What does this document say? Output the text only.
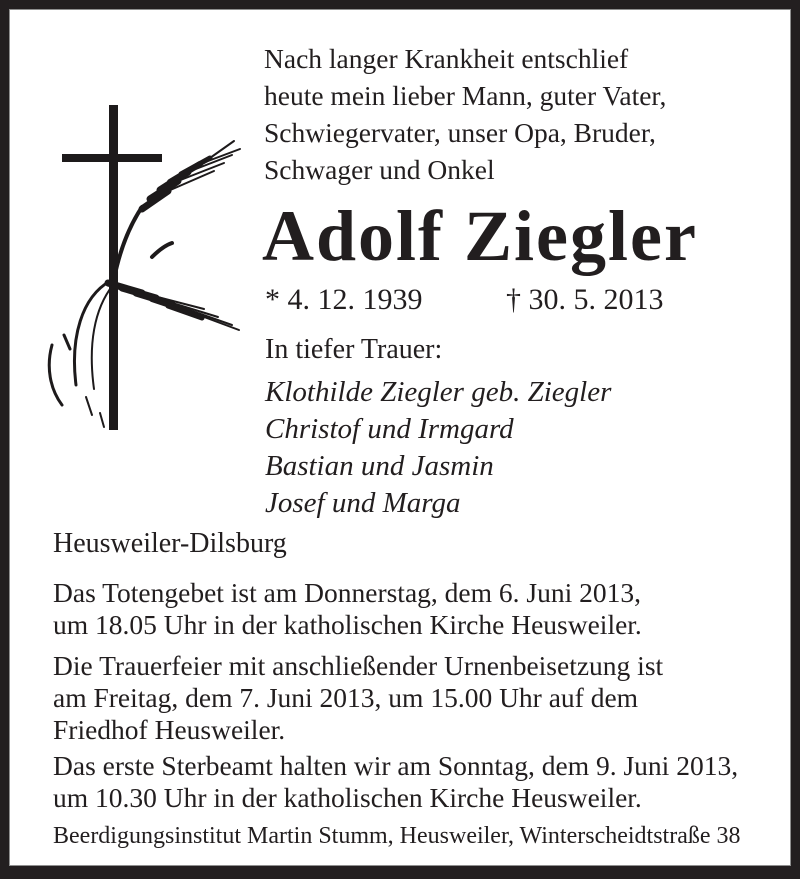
Nach langer Krankheit entschlief
heute mein lieber Mann, guter Vater,
Schwiegervater, unser Opa, Bruder,
Schwager und Onkel
Adolf Ziegler
* 4. 12. 1939	† 30. 5. 2013
In tiefer Trauer:
Klothilde Ziegler geb. Ziegler
Christof und Irmgard
Bastian und Jasmin
Josef und Marga
Heusweiler-Dilsburg
Das Totengebet ist am Donnerstag, dem 6. Juni 2013,
um 18.05 Uhr in der katholischen Kirche Heusweiler.
Die Trauerfeier mit anschließender Urnenbeisetzung ist
am Freitag, dem 7. Juni 2013, um 15.00 Uhr auf dem
Friedhof Heusweiler.
Das erste Sterbeamt halten wir am Sonntag, dem 9. Juni 2013,
um 10.30 Uhr in der katholischen Kirche Heusweiler.
Beerdigungsinstitut Martin Stumm, Heusweiler, Winterscheidtstraße 38
